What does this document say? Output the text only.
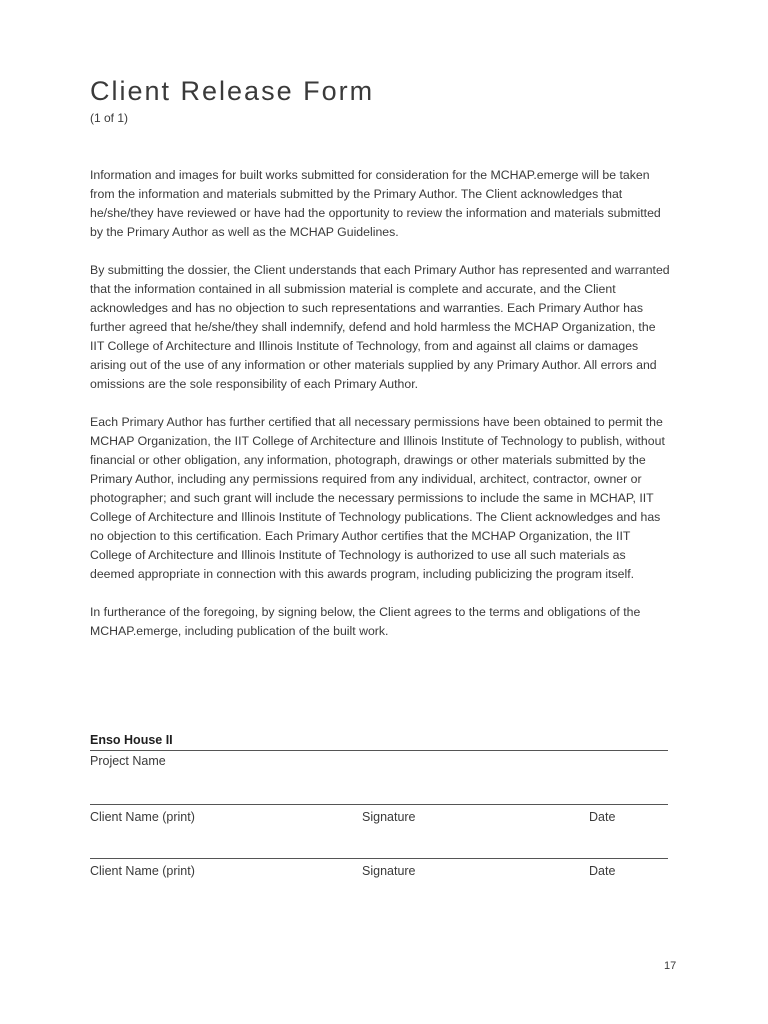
Client Release Form
(1 of 1)

Information and images for built works submitted for consideration for the MCHAP.emerge will be taken from the information and materials submitted by the Primary Author. The Client acknowledges that he/she/they have reviewed or have had the opportunity to review the information and materials submitted by the Primary Author as well as the MCHAP Guidelines.

By submitting the dossier, the Client understands that each Primary Author has represented and warranted that the information contained in all submission material is complete and accurate, and the Client acknowledges and has no objection to such representations and warranties. Each Primary Author has further agreed that he/she/they shall indemnify, defend and hold harmless the MCHAP Organization, the IIT College of Architecture and Illinois Institute of Technology, from and against all claims or damages arising out of the use of any information or other materials supplied by any Primary Author. All errors and omissions are the sole responsibility of each Primary Author.

Each Primary Author has further certified that all necessary permissions have been obtained to permit the MCHAP Organization, the IIT College of Architecture and Illinois Institute of Technology to publish, without financial or other obligation, any information, photograph, drawings or other materials submitted by the Primary Author, including any permissions required from any individual, architect, contractor, owner or photographer; and such grant will include the necessary permissions to include the same in MCHAP, IIT College of Architecture and Illinois Institute of Technology publications. The Client acknowledges and has no objection to this certification. Each Primary Author certifies that the MCHAP Organization, the IIT College of Architecture and Illinois Institute of Technology is authorized to use all such materials as deemed appropriate in connection with this awards program, including publicizing the program itself.

In furtherance of the foregoing, by signing below, the Client agrees to the terms and obligations of the MCHAP.emerge, including publication of the built work.

Enso House II
Project Name
Client Name (print)	Signature	Date
Client Name (print)	Signature	Date
17
